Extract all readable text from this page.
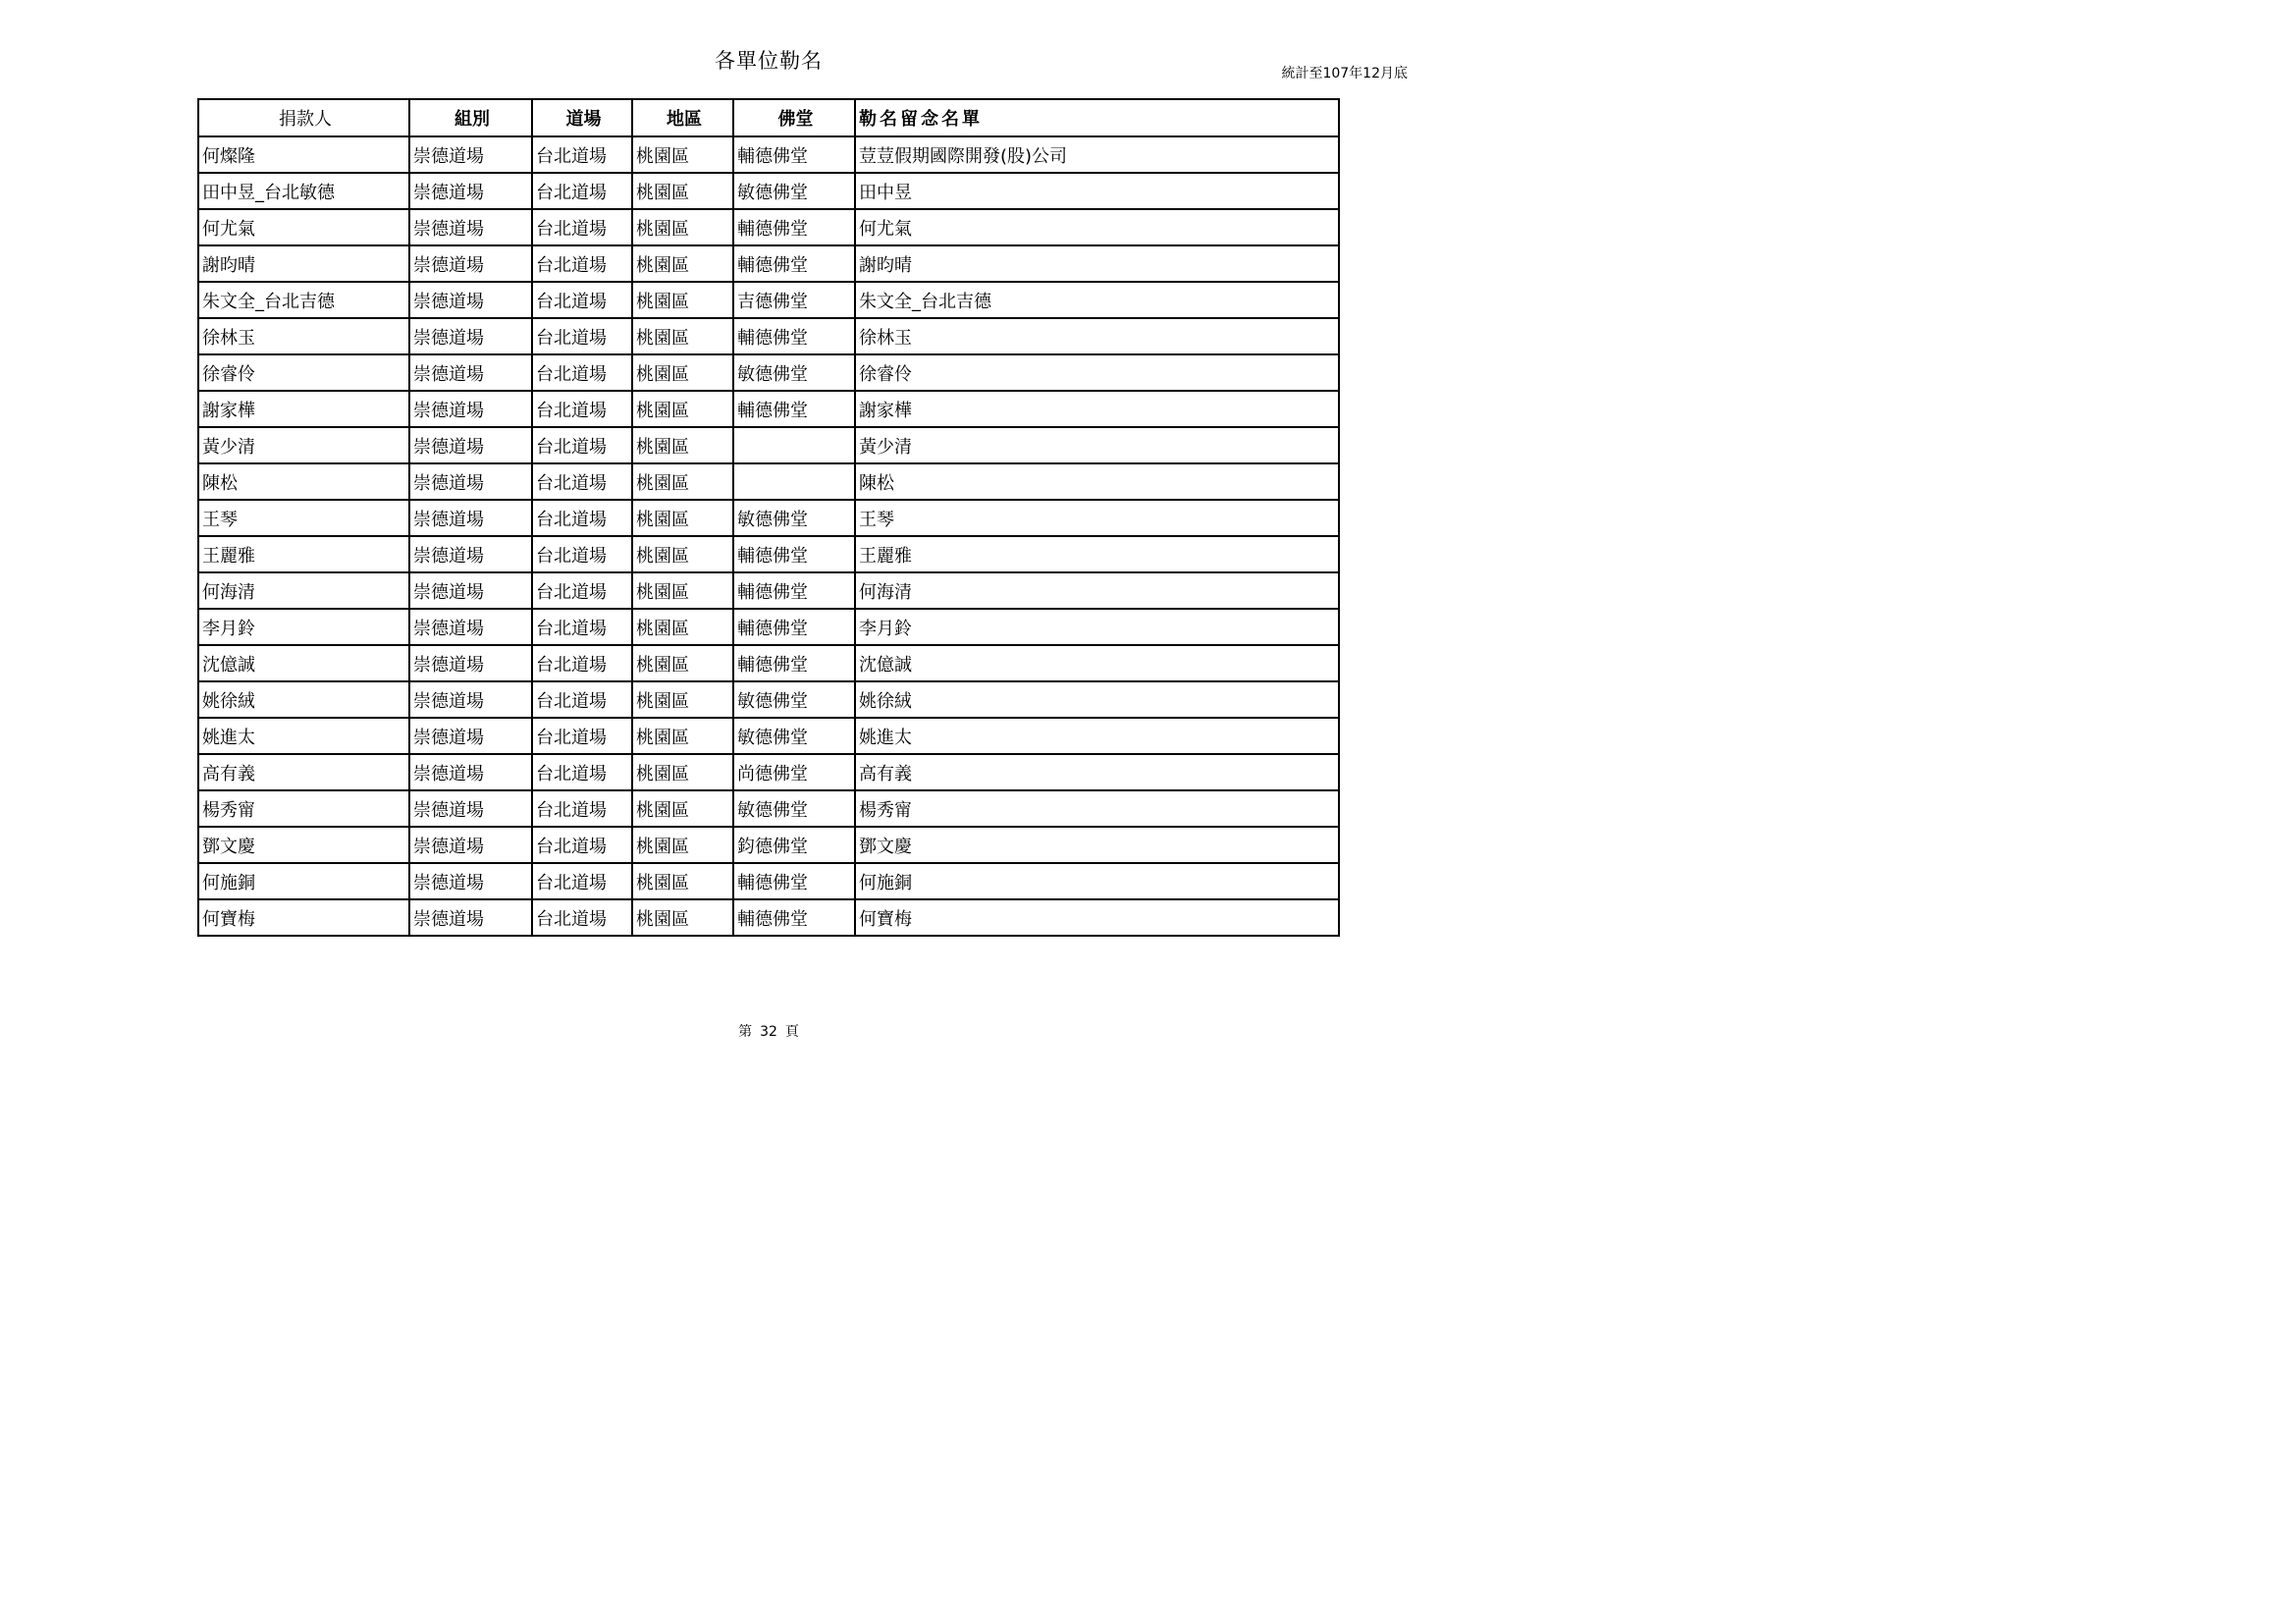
各單位勒名
統計至107年12月底
捐款人	組別	道場	地區	佛堂	勒名留念名單
何燦隆	崇德道場	台北道場	桃園區	輔德佛堂	荳荳假期國際開發(股)公司
田中昱_台北敏德	崇德道場	台北道場	桃園區	敏德佛堂	田中昱
何尤氣	崇德道場	台北道場	桃園區	輔德佛堂	何尤氣
謝昀晴	崇德道場	台北道場	桃園區	輔德佛堂	謝昀晴
朱文全_台北吉德	崇德道場	台北道場	桃園區	吉德佛堂	朱文全_台北吉德
徐林玉	崇德道場	台北道場	桃園區	輔德佛堂	徐林玉
徐睿伶	崇德道場	台北道場	桃園區	敏德佛堂	徐睿伶
謝家樺	崇德道場	台北道場	桃園區	輔德佛堂	謝家樺
黃少清	崇德道場	台北道場	桃園區		黃少清
陳松	崇德道場	台北道場	桃園區		陳松
王琴	崇德道場	台北道場	桃園區	敏德佛堂	王琴
王麗雅	崇德道場	台北道場	桃園區	輔德佛堂	王麗雅
何海清	崇德道場	台北道場	桃園區	輔德佛堂	何海清
李月鈴	崇德道場	台北道場	桃園區	輔德佛堂	李月鈴
沈億誠	崇德道場	台北道場	桃園區	輔德佛堂	沈億誠
姚徐絨	崇德道場	台北道場	桃園區	敏德佛堂	姚徐絨
姚進太	崇德道場	台北道場	桃園區	敏德佛堂	姚進太
高有義	崇德道場	台北道場	桃園區	尚德佛堂	高有義
楊秀甯	崇德道場	台北道場	桃園區	敏德佛堂	楊秀甯
鄧文慶	崇德道場	台北道場	桃園區	鈞德佛堂	鄧文慶
何施銅	崇德道場	台北道場	桃園區	輔德佛堂	何施銅
何寶梅	崇德道場	台北道場	桃園區	輔德佛堂	何寶梅
第 32 頁
